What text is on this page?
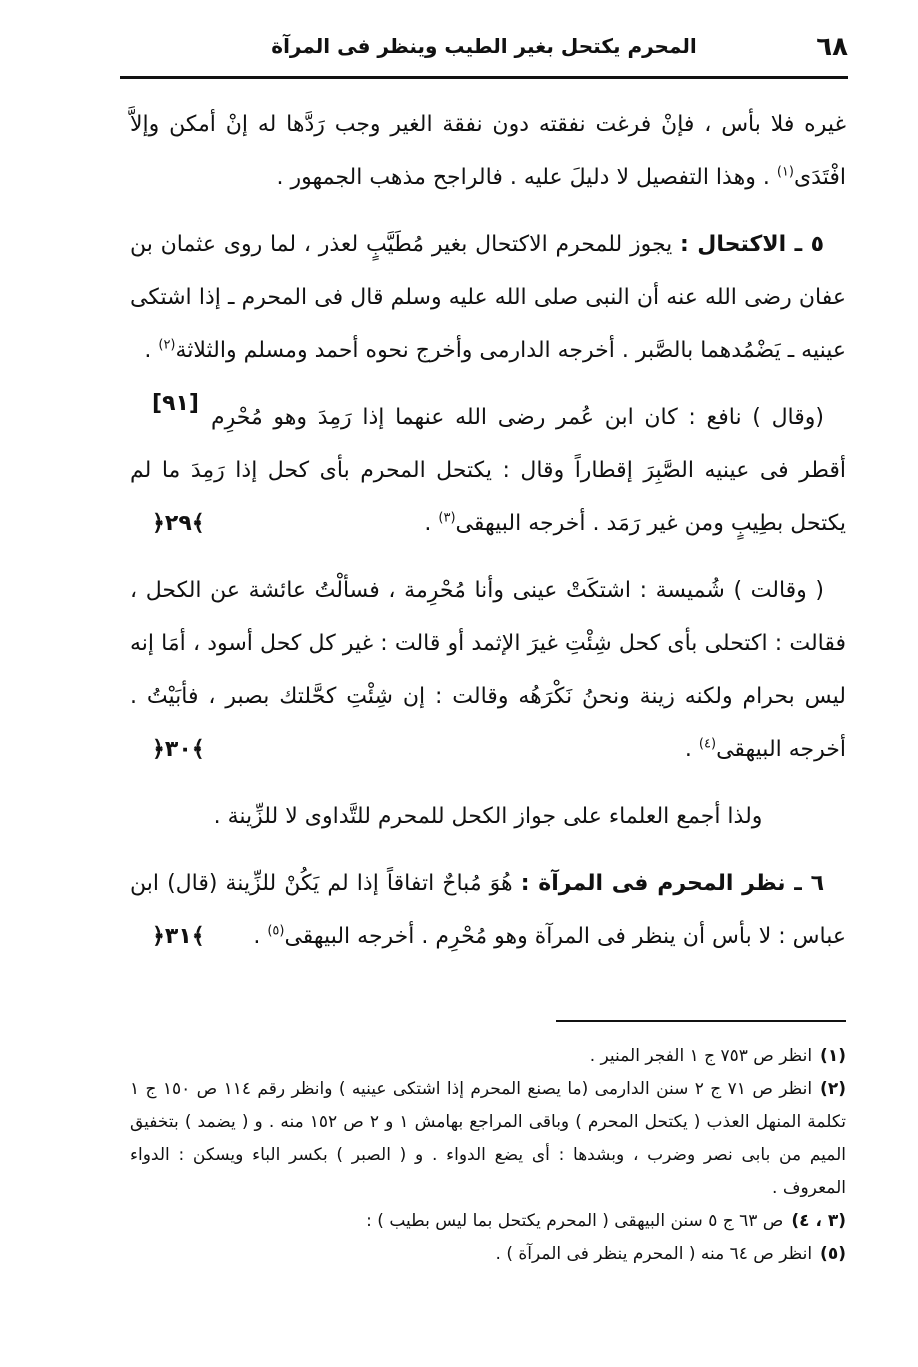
٦٨
المحرم يكتحل بغير الطيب وينظر فى المرآة

غيره فلا بأس ، فإنْ فرغت نفقته دون نفقة الغير وجب رَدَّها له إنْ أمكن وإلاَّ افْتَدَى$^{(١)}$ . وهذا التفصيل لا دليلَ عليه . فالراجح مذهب الجمهور .

٥ ـ الاكتحال : يجوز للمحرم الاكتحال بغير مُطَيَّبٍ لعذر ، لما روى عثمان بن عفان رضى الله عنه أن النبى صلى الله عليه وسلم قال فى المحرم ـ إذا اشتكى عينيه ـ يَضْمُدهما بالصَّبر . أخرجه الدارمى وأخرج نحوه أحمد ومسلم والثلاثة$^{(٢)}$ .
[٩١]

(وقال ) نافع : كان ابن عُمر رضى الله عنهما إذا رَمِدَ وهو مُحْرِم أقطر فى عينيه الصَّبِرَ إقطاراً وقال : يكتحل المحرم بأى كحل إذا رَمِدَ ما لم يكتحل بطِيبٍ ومن غير رَمَد . أخرجه البيهقى$^{(٣)}$ .
﴿٢٩﴾

( وقالت ) شُميسة : اشتكَتْ عينى وأنا مُحْرِمة ، فسألْتُ عائشة عن الكحل ، فقالت : اكتحلى بأى كحل شِئْتِ غيرَ الإثمد أو قالت : غير كل كحل أسود ، أمَا إنه ليس بحرام ولكنه زينة ونحنُ نَكْرَهُه وقالت : إن شِئْتِ كحَّلتك بصبر ، فأبَيْتُ . أخرجه البيهقى$^{(٤)}$ .
﴿٣٠﴾

ولذا أجمع العلماء على جواز الكحل للمحرم للتَّداوى لا للزِّينة .

٦ ـ نظر المحرم فى المرآة : هُوَ مُباحٌ اتفاقاً إذا لم يَكُنْ للزِّينة (قال) ابن عباس : لا بأس أن ينظر فى المرآة وهو مُحْرِم . أخرجه البيهقى$^{(٥)}$ .
﴿٣١﴾

(١)انظر ص ٧٥٣ ج ١ الفجر المنير .

(٢)انظر ص ٧١ ج ٢ سنن الدارمى (ما يصنع المحرم إذا اشتكى عينيه ) وانظر رقم ١١٤ ص ١٥٠ ج ١ تكلمة المنهل العذب ( يكتحل المحرم ) وباقى المراجع بهامش ١ و ٢ ص ١٥٢ منه . و ( يضمد ) بتخفيق الميم من بابى نصر وضرب ، وبشدها : أى يضع الدواء . و ( الصبر ) بكسر الباء ويسكن : الدواء المعروف .

(٣ ، ٤)ص ٦٣ ج ٥ سنن البيهقى ( المحرم يكتحل بما ليس بطيب ) :

(٥)انظر ص ٦٤ منه ( المحرم ينظر فى المرآة ) .
